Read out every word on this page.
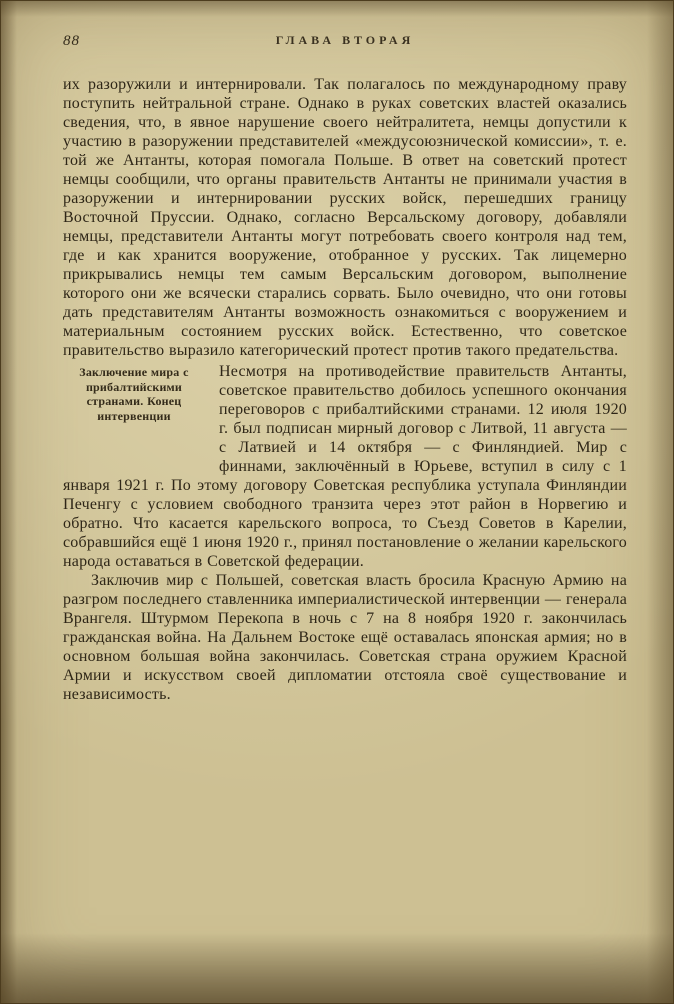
88	ГЛАВА ВТОРАЯ

их разоружили и интернировали. Так полагалось по международному праву поступить нейтральной стране. Однако в руках советских властей оказались сведения, что, в явное нарушение своего нейтралитета, немцы допустили к участию в разоружении представителей «междусоюзнической комиссии», т. е. той же Антанты, которая помогала Польше. В ответ на советский протест немцы сообщили, что органы правительств Антанты не принимали участия в разоружении и интернировании русских войск, перешедших границу Восточной Пруссии. Однако, согласно Версальскому договору, добавляли немцы, представители Антанты могут потребовать своего контроля над тем, где и как хранится вооружение, отобранное у русских. Так лицемерно прикрывались немцы тем самым Версальским договором, выполнение которого они же всячески старались сорвать. Было очевидно, что они готовы дать представителям Антанты возможность ознакомиться с вооружением и материальным состоянием русских войск. Естественно, что советское правительство выразило категорический протест против такого предательства.

Заключение мира с прибалтийскими странами. Конец интервенции

Несмотря на противодействие правительств Антанты, советское правительство добилось успешного окончания переговоров с прибалтийскими странами. 12 июля 1920 г. был подписан мирный договор с Литвой, 11 августа — с Латвией и 14 октября — с Финляндией. Мир с финнами, заключённый в Юрьеве, вступил в силу с 1 января 1921 г. По этому договору Советская республика уступала Финляндии Печенгу с условием свободного транзита через этот район в Норвегию и обратно. Что касается карельского вопроса, то Съезд Советов в Карелии, собравшийся ещё 1 июня 1920 г., принял постановление о желании карельского народа оставаться в Советской федерации.

Заключив мир с Польшей, советская власть бросила Красную Армию на разгром последнего ставленника империалистической интервенции — генерала Врангеля. Штурмом Перекопа в ночь с 7 на 8 ноября 1920 г. закончилась гражданская война. На Дальнем Востоке ещё оставалась японская армия; но в основном большая война закончилась. Советская страна оружием Красной Армии и искусством своей дипломатии отстояла своё существование и независимость.
